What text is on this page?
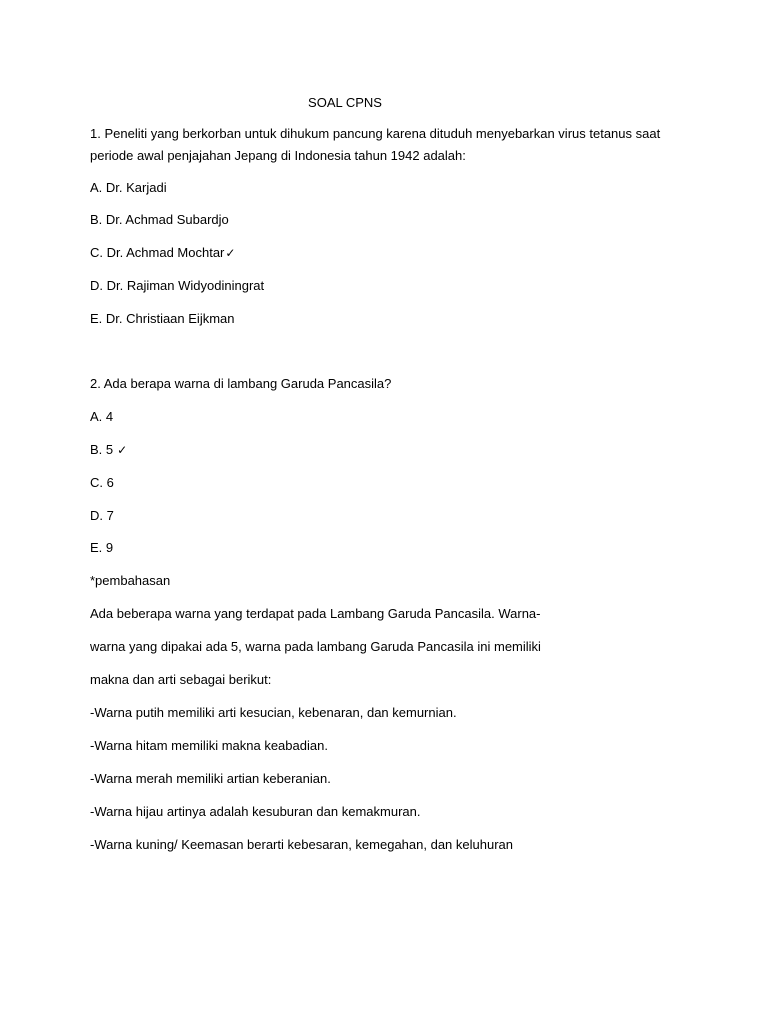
SOAL CPNS
1. Peneliti yang berkorban untuk dihukum pancung karena dituduh menyebarkan virus tetanus saat
periode awal penjajahan Jepang di Indonesia tahun 1942 adalah:
A. Dr. Karjadi
B. Dr. Achmad Subardjo
C. Dr. Achmad Mochtar✓
D. Dr. Rajiman Widyodiningrat
E. Dr. Christiaan Eijkman
2. Ada berapa warna di lambang Garuda Pancasila?
A. 4
B. 5 ✓
C. 6
D. 7
E. 9
*pembahasan
Ada beberapa warna yang terdapat pada Lambang Garuda Pancasila. Warna-
warna yang dipakai ada 5, warna pada lambang Garuda Pancasila ini memiliki
makna dan arti sebagai berikut:
-Warna putih memiliki arti kesucian, kebenaran, dan kemurnian.
-Warna hitam memiliki makna keabadian.
-Warna merah memiliki artian keberanian.
-Warna hijau artinya adalah kesuburan dan kemakmuran.
-Warna kuning/ Keemasan berarti kebesaran, kemegahan, dan keluhuran
